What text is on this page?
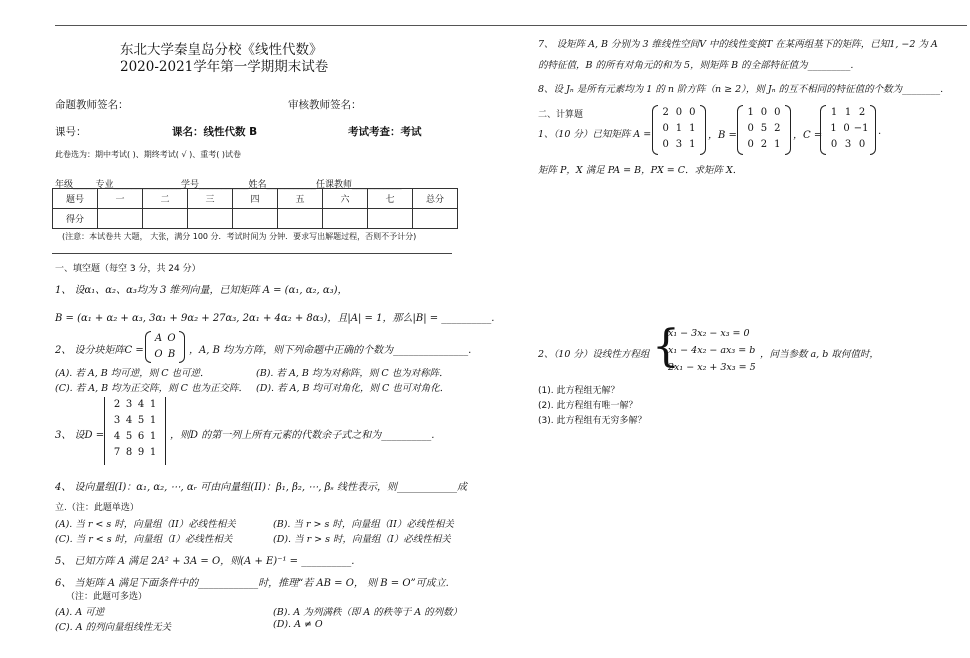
东北大学秦皇岛分校《线性代数》
2020-2021学年第一学期期末试卷
命题教师签名：	审核教师签名：
课号：	课名：线性代数 B	考试考查：考试
此卷选为：期中考试( )、期终考试( √ )、重考( )试卷
年级_____专业_______________学号___________姓名___________任课教师___________
题号	一	二	三	四	五	六	七	总分
得分								
(注意：本试卷共 大题， 大张，满分 100 分．考试时间为 分钟．要求写出解题过程，否则不予计分)
一、填空题（每空 3 分，共 24 分）
1、 设α₁、α₂、α₃均为 3 维列向量，已知矩阵 A = (α₁, α₂, α₃)，
B = (α₁ + α₂ + α₃, 3α₁ + 9α₂ + 27α₃, 2α₁ + 4α₂ + 8α₃)，且|A| = 1，那么|B| = __________.
2、 设分块矩阵C =
A O
O B ，A, B 均为方阵，则下列命题中正确的个数为_______________.
(A). 若 A, B 均可逆，则 C 也可逆．	(B). 若 A, B 均为对称阵，则 C 也为对称阵．
(C). 若 A, B 均为正交阵，则 C 也为正交阵． (D). 若 A, B 均可对角化，则 C 也可对角化．
3、 设D =
2 3 4 1
3 4 5 1
4 5 6 1
7 8 9 1
，则D 的第一列上所有元素的代数余子式之和为__________.
4、 设向量组(I)：α₁, α₂, ⋯, αᵣ 可由向量组(II)：β₁, β₂, ⋯, βₛ 线性表示，则____________成
立.（注：此题单选）
(A). 当 r < s 时，向量组（II）必线性相关	(B). 当 r > s 时，向量组（II）必线性相关
(C). 当 r < s 时，向量组（I）必线性相关	(D). 当 r > s 时，向量组（I）必线性相关
5、 已知方阵 A 满足 2A² + 3A = O，则(A + E)⁻¹ = __________.
6、 当矩阵 A 满足下面条件中的____________时，推理“若 AB = O， 则 B = O”可成立.
（注：此题可多选）
(A). A 可逆	(B). A 为列满秩（即 A 的秩等于 A 的列数）
(C). A 的列向量组线性无关	(D). A ≠ O
7、 设矩阵 A, B 分别为 3 维线性空间V 中的线性变换T 在某两组基下的矩阵，已知1, −2 为 A
的特征值，B 的所有对角元的和为 5，则矩阵 B 的全部特征值为_________.
8、设 Jₙ 是所有元素均为 1 的 n 阶方阵（n ≥ 2），则 Jₙ 的互不相同的特征值的个数为________.
二、计算题
1、（10 分）已知矩阵 A =
2 0 0
0 1 1
0 3 1
，B =
1 0 0
0 5 2
0 2 1
，C =
1 1 2
1 0 −1
0 3 0
.
矩阵 P，X 满足 PA = B，PX = C．求矩阵 X．
2、（10 分）设线性方程组 {
x₁ − 3x₂ − x₃ = 0
x₁ − 4x₂ − ax₃ = b
2x₁ − x₂ + 3x₃ = 5
，问当参数 a, b 取何值时，
(1). 此方程组无解？
(2). 此方程组有唯一解？
(3). 此方程组有无穷多解？
